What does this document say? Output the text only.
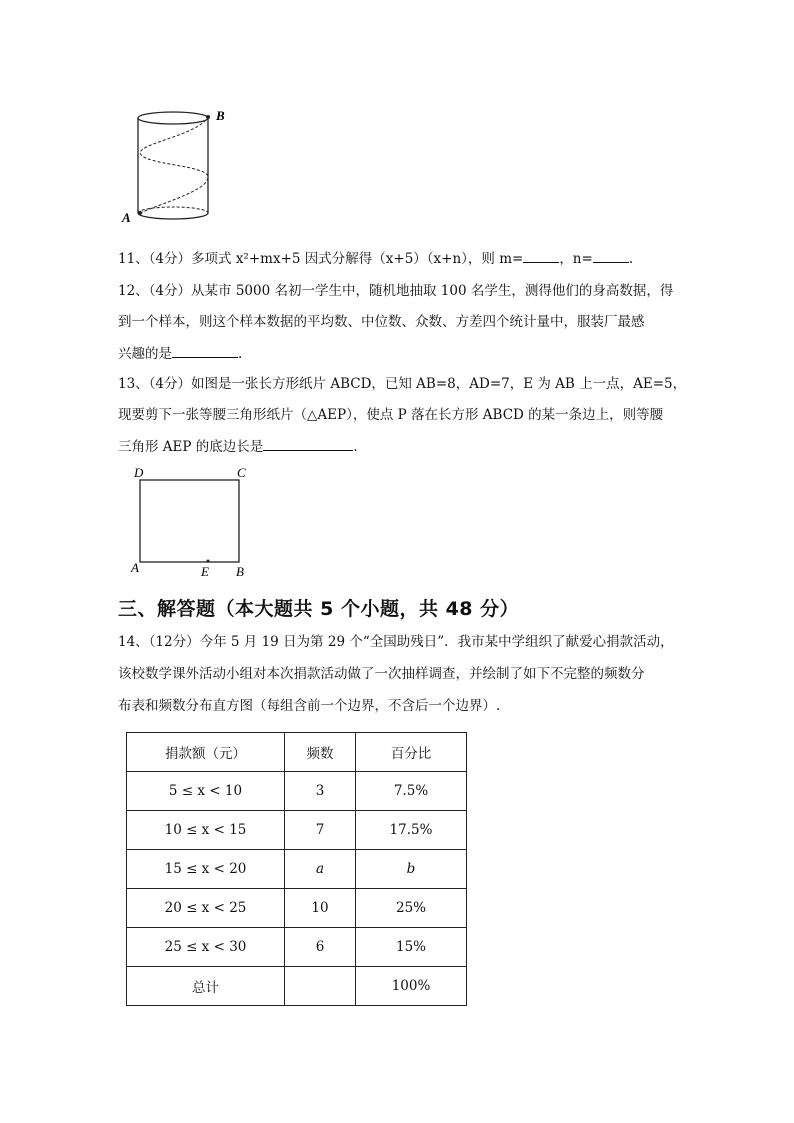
B
A
11、（4分）多项式 x²+mx+5 因式分解得（x+5）（x+n），则 m=	，n=	.
12、（4分）从某市 5000 名初一学生中，随机地抽取 100 名学生，测得他们的身高数据，得
到一个样本，则这个样本数据的平均数、中位数、众数、方差四个统计量中，服装厂最感
兴趣的是	.
13、（4分）如图是一张长方形纸片 ABCD，已知 AB=8，AD=7，E 为 AB 上一点，AE=5，
现要剪下一张等腰三角形纸片（△AEP），使点 P 落在长方形 ABCD 的某一条边上，则等腰
三角形 AEP 的底边长是	.
D	C
A	E B
三、解答题（本大题共 5 个小题，共 48 分）
14、（12分）今年 5 月 19 日为第 29 个“全国助残日”．我市某中学组织了献爱心捐款活动，
该校数学课外活动小组对本次捐款活动做了一次抽样调查，并绘制了如下不完整的频数分
布表和频数分布直方图（每组含前一个边界，不含后一个边界）.
捐款额（元）	频数	百分比
5 ≤ x < 10	3	7.5%
10 ≤ x < 15	7	17.5%
15 ≤ x < 20	a	b
20 ≤ x < 25	10	25%
25 ≤ x < 30	6	15%
总计		100%
